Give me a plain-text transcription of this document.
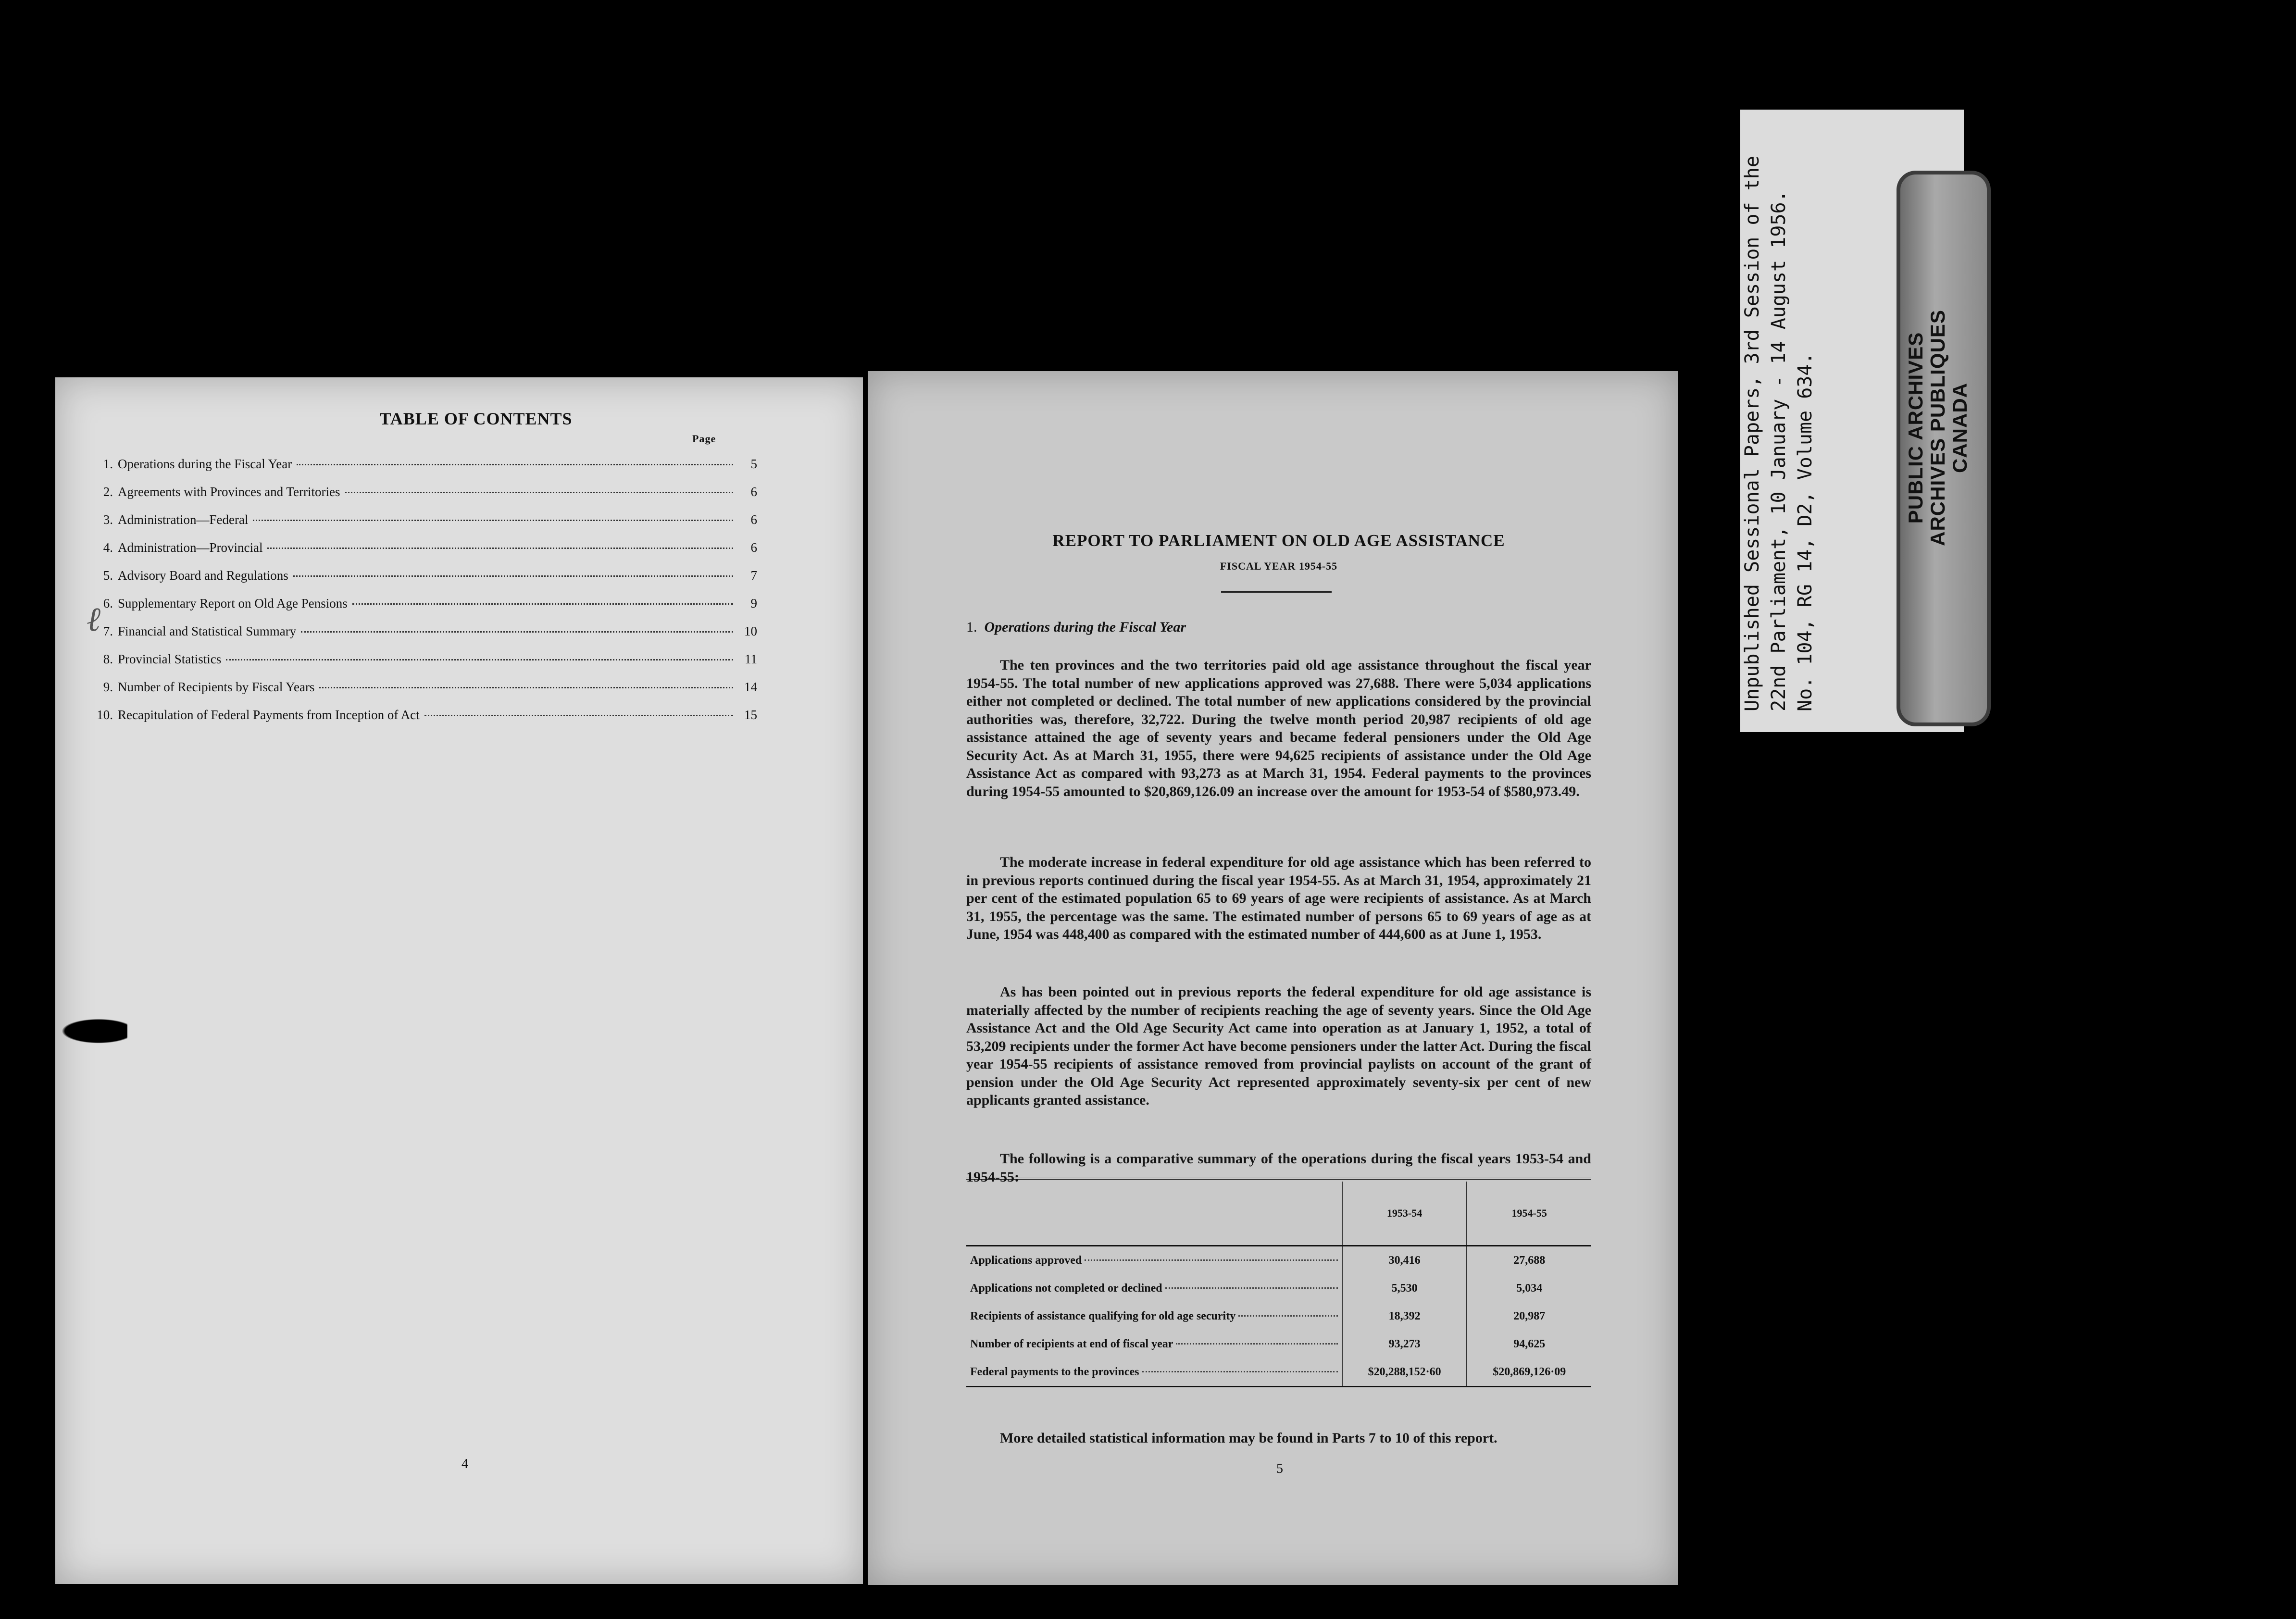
ℓ
TABLE OF CONTENTS
Page
1. Operations during the Fiscal Year	5
2. Agreements with Provinces and Territories	6
3. Administration—Federal	6
4. Administration—Provincial	6
5. Advisory Board and Regulations	7
6. Supplementary Report on Old Age Pensions	9
7. Financial and Statistical Summary	10
8. Provincial Statistics	11
9. Number of Recipients by Fiscal Years	14
10. Recapitulation of Federal Payments from Inception of Act	15
4
REPORT TO PARLIAMENT ON OLD AGE ASSISTANCE
FISCAL YEAR 1954-55
1. Operations during the Fiscal Year

The ten provinces and the two territories paid old age assistance throughout the fiscal year 1954-55. The total number of new applications approved was 27,688. There were 5,034 applications either not completed or declined. The total number of new applications considered by the provincial authorities was, therefore, 32,722. During the twelve month period 20,987 recipients of old age assistance attained the age of seventy years and became federal pensioners under the Old Age Security Act. As at March 31, 1955, there were 94,625 recipients of assistance under the Old Age Assistance Act as compared with 93,273 as at March 31, 1954. Federal payments to the provinces during 1954-55 amounted to $20,869,126.09 an increase over the amount for 1953-54 of $580,973.49.

The moderate increase in federal expenditure for old age assistance which has been referred to in previous reports continued during the fiscal year 1954-55. As at March 31, 1954, approximately 21 per cent of the estimated population 65 to 69 years of age were recipients of assistance. As at March 31, 1955, the percentage was the same. The estimated number of persons 65 to 69 years of age as at June, 1954 was 448,400 as compared with the estimated number of 444,600 as at June 1, 1953.

As has been pointed out in previous reports the federal expenditure for old age assistance is materially affected by the number of recipients reaching the age of seventy years. Since the Old Age Assistance Act and the Old Age Security Act came into operation as at January 1, 1952, a total of 53,209 recipients under the former Act have become pensioners under the latter Act. During the fiscal year 1954-55 recipients of assistance removed from provincial paylists on account of the grant of pension under the Old Age Security Act represented approximately seventy-six per cent of new applicants granted assistance.

The following is a comparative summary of the operations during the fiscal years 1953-54 and 1954-55:

	1953-54	1954-55

Applications approved	30,416	27,688

Applications not completed or declined	5,530	5,034

Recipients of assistance qualifying for old age security	18,392	20,987

Number of recipients at end of fiscal year	93,273	94,625

Federal payments to the provinces	$20,288,152·60	$20,869,126·09

More detailed statistical information may be found in Parts 7 to 10 of this report.

5
Unpublished Sessional Papers, 3rd Session of the
22nd Parliament, 10 January - 14 August 1956.
No. 104, RG 14, D2, Volume 634.
PUBLIC ARCHIVES
ARCHIVES PUBLIQUES
CANADA
